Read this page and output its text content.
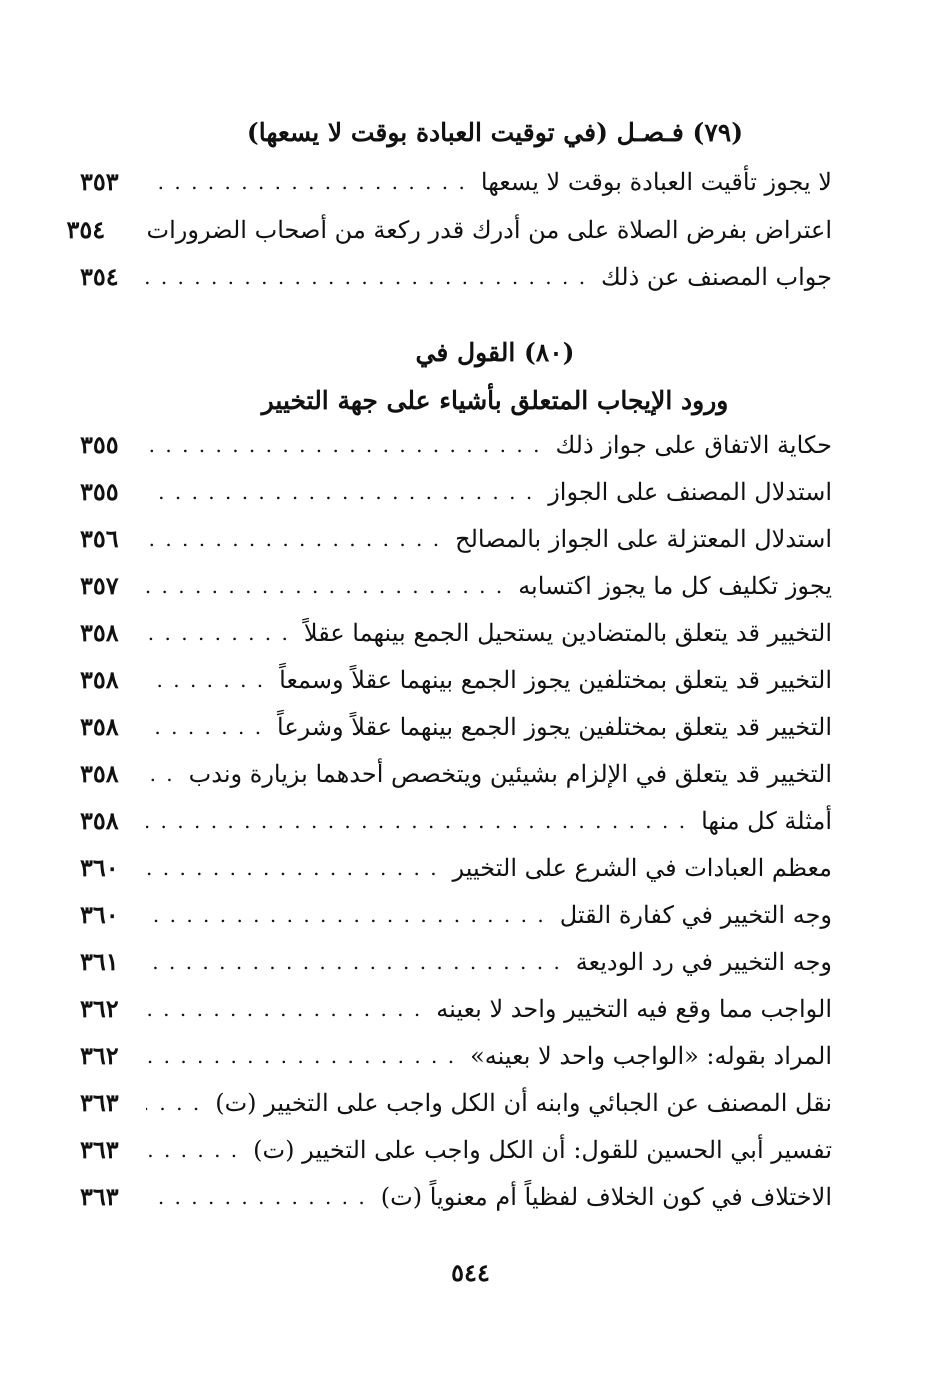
(٧٩) فـصـل (في توقيت العبادة بوقت لا يسعها)
لا يجوز تأقيت العبادة بوقت لا يسعها
. . .
٣٥٣
اعتراض بفرض الصلاة على من أدرك قدر ركعة من أصحاب الضرورات
٣٥٤
جواب المصنف عن ذلك
. . .
٣٥٤
(٨٠) القول في
ورود الإيجاب المتعلق بأشياء على جهة التخيير
حكاية الاتفاق على جواز ذلك
. . .
٣٥٥
استدلال المصنف على الجواز
. . .
٣٥٥
استدلال المعتزلة على الجواز بالمصالح
. . .
٣٥٦
يجوز تكليف كل ما يجوز اكتسابه
. . .
٣٥٧
التخيير قد يتعلق بالمتضادين يستحيل الجمع بينهما عقلاً
. . .
٣٥٨
التخيير قد يتعلق بمختلفين يجوز الجمع بينهما عقلاً وسمعاً
. . .
٣٥٨
التخيير قد يتعلق بمختلفين يجوز الجمع بينهما عقلاً وشرعاً
. . .
٣٥٨
التخيير قد يتعلق في الإلزام بشيئين ويتخصص أحدهما بزيارة وندب
. . .
٣٥٨
أمثلة كل منها
. . .
٣٥٨
معظم العبادات في الشرع على التخيير
. . .
٣٦٠
وجه التخيير في كفارة القتل
. . .
٣٦٠
وجه التخيير في رد الوديعة
. . .
٣٦١
الواجب مما وقع فيه التخيير واحد لا بعينه
. . .
٣٦٢
المراد بقوله: «الواجب واحد لا بعينه»
. . .
٣٦٢
نقل المصنف عن الجبائي وابنه أن الكل واجب على التخيير (ت)
. . .
٣٦٣
تفسير أبي الحسين للقول: أن الكل واجب على التخيير (ت)
. . .
٣٦٣
الاختلاف في كون الخلاف لفظياً أم معنوياً (ت)
. . .
٣٦٣
٥٤٤
